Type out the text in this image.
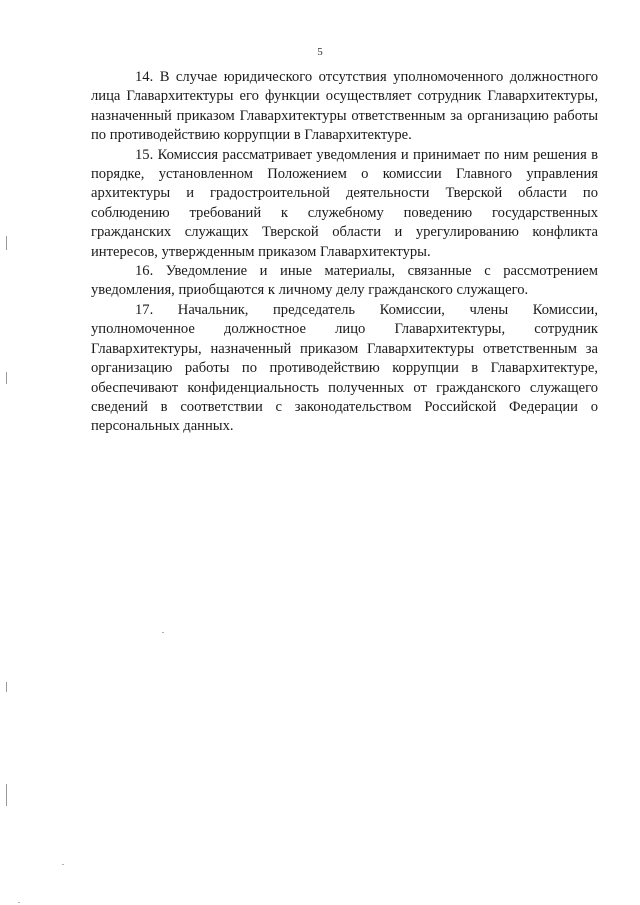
5

14. В случае юридического отсутствия уполномоченного должностного лица Главархитектуры его функции осуществляет сотрудник Главархитектуры, назначенный приказом Главархитектуры ответственным за организацию работы по противодействию коррупции в Главархитектуре.

15. Комиссия рассматривает уведомления и принимает по ним решения в порядке, установленном Положением о комиссии Главного управления архитектуры и градостроительной деятельности Тверской области по соблюдению требований к служебному поведению государственных гражданских служащих Тверской области и урегулированию конфликта интересов, утвержденным приказом Главархитектуры.

16. Уведомление и иные материалы, связанные с рассмотрением уведомления, приобщаются к личному делу гражданского служащего.

17. Начальник, председатель Комиссии, члены Комиссии, уполномоченное должностное лицо Главархитектуры, сотрудник Главархитектуры, назначенный приказом Главархитектуры ответственным за организацию работы по противодействию коррупции в Главархитектуре, обеспечивают конфиденциальность полученных от гражданского служащего сведений в соответствии с законодательством Российской Федерации о персональных данных.
